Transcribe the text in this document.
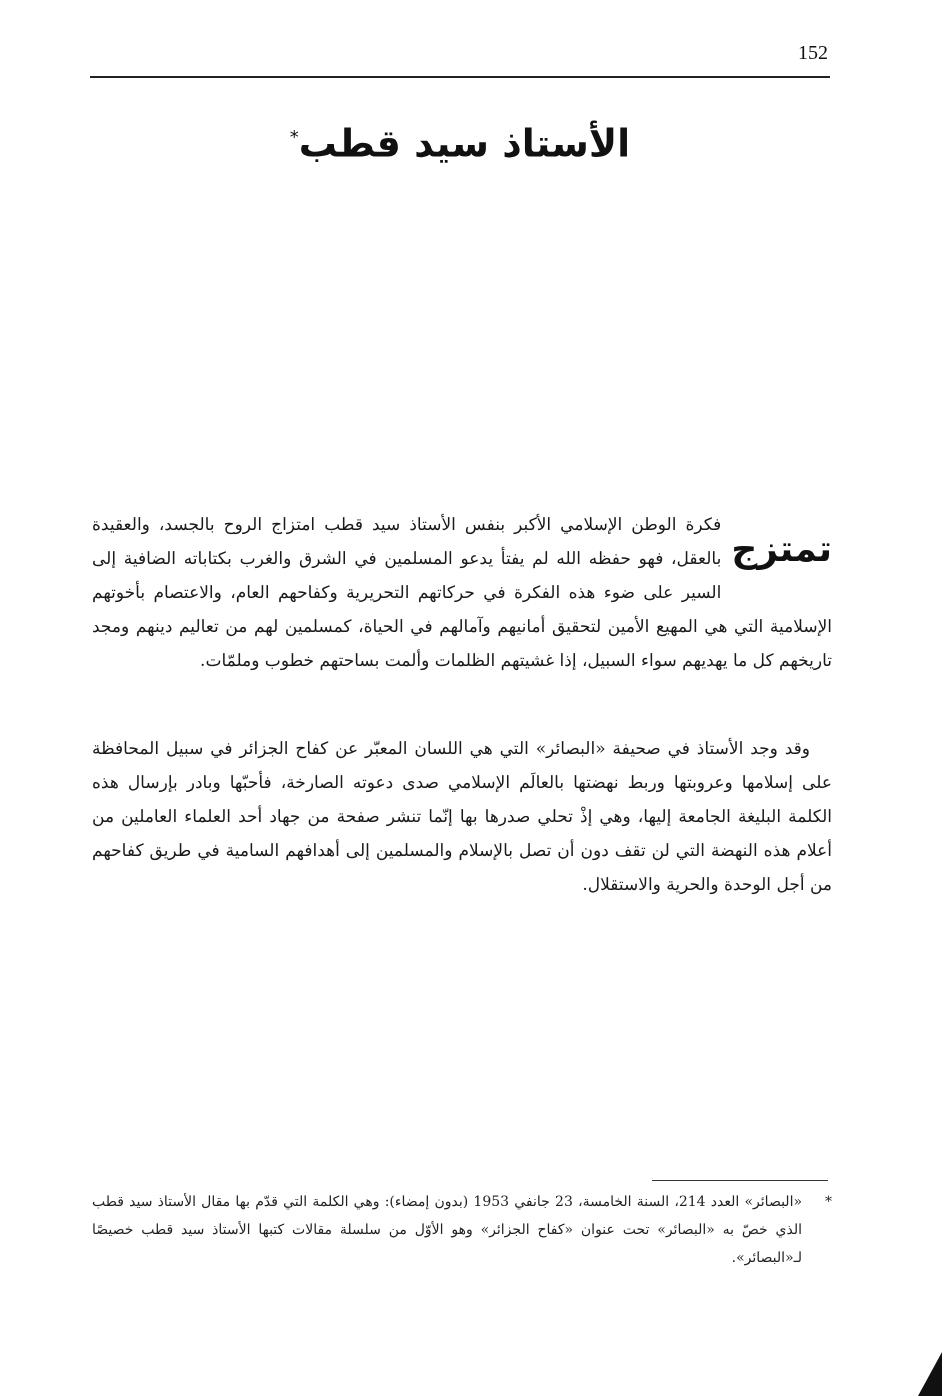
152
الأستاذ سيد قطب*
تمتزج
فكرة الوطن الإسلامي الأكبر بنفس الأستاذ سيد قطب امتزاج الروح بالجسد، والعقيدة بالعقل، فهو حفظه الله لم يفتأ يدعو المسلمين في الشرق والغرب بكتاباته الضافية إلى السير على ضوء هذه الفكرة في حركاتهم التحريرية وكفاحهم العام، والاعتصام بأخوتهم الإسلامية التي هي المهيع الأمين لتحقيق أمانيهم وآمالهم في الحياة، كمسلمين لهم من تعاليم دينهم ومجد تاريخهم كل ما يهديهم سواء السبيل، إذا غشيتهم الظلمات وألمت بساحتهم خطوب وملمّات.
وقد وجد الأستاذ في صحيفة «البصائر» التي هي اللسان المعبّر عن كفاح الجزائر في سبيل المحافظة على إسلامها وعروبتها وربط نهضتها بالعالَم الإسلامي صدى دعوته الصارخة، فأحبّها وبادر بإرسال هذه الكلمة البليغة الجامعة إليها، وهي إذْ تحلي صدرها بها إنّما تنشر صفحة من جهاد أحد العلماء العاملين من أعلام هذه النهضة التي لن تقف دون أن تصل بالإسلام والمسلمين إلى أهدافهم السامية في طريق كفاحهم من أجل الوحدة والحرية والاستقلال.
*
«البصائر» العدد 214، السنة الخامسة، 23 جانفي 1953 (بدون إمضاء): وهي الكلمة التي قدّم بها مقال الأستاذ سيد قطب الذي خصّ به «البصائر» تحت عنوان «كفاح الجزائر» وهو الأوّل من سلسلة مقالات كتبها الأستاذ سيد قطب خصيصًا لـ«البصائر».
